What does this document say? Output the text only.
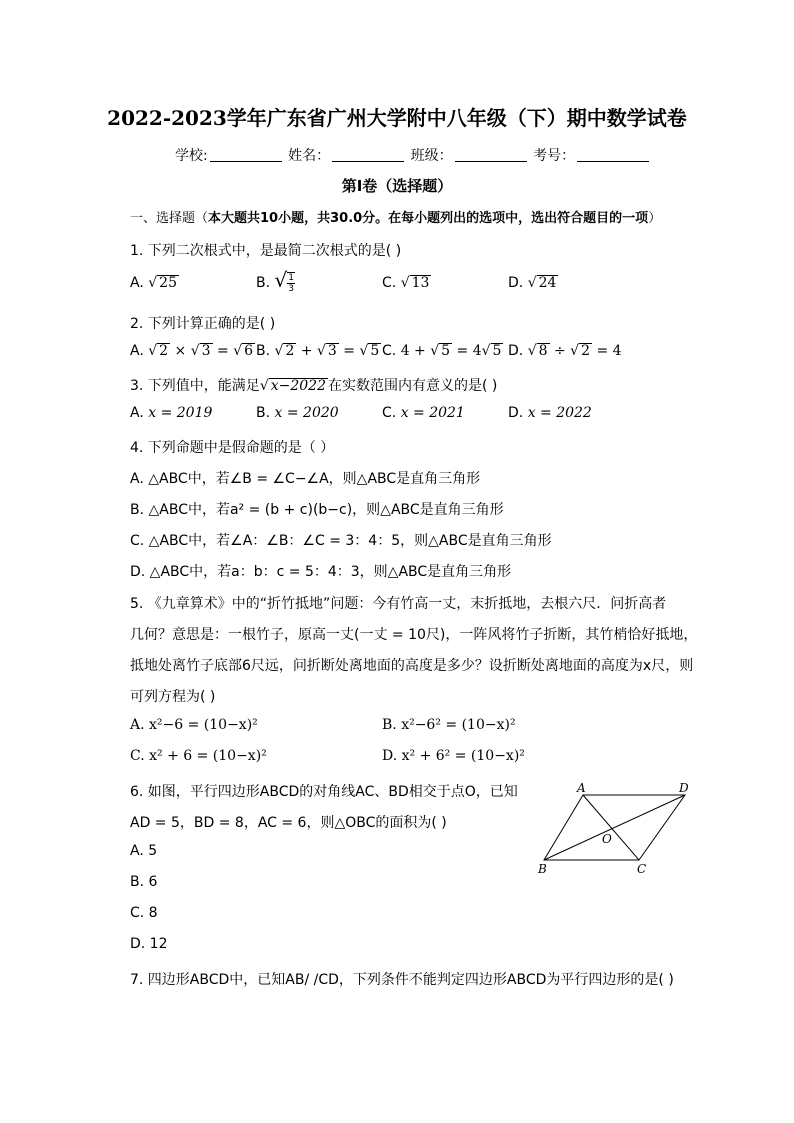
2022-2023学年广东省广州大学附中八年级（下）期中数学试卷
学校:	姓名：	班级：	考号：
第I卷（选择题）
一、选择题（本大题共10小题，共30.0分。在每小题列出的选项中，选出符合题目的一项）
1. 下列二次根式中，是最简二次根式的是( )
A. √ 25	B. √ $\frac{1}{3}$	C. √ 13	D. √ 24
2. 下列计算正确的是( )
A. √ 2 × √ 3 = √ 6 B. √ 2 + √ 3 = √ 5 C. 4 + √ 5 = 4√ 5 D. √ 8 ÷ √ 2 = 4
3. 下列值中，能满足√ x−2022 在实数范围内有意义的是( )
A. x = 2019	B. x = 2020	C. x = 2021	D. x = 2022
4. 下列命题中是假命题的是（ ）
A. △ABC中，若∠B = ∠C−∠A，则△ABC是直角三角形
B. △ABC中，若a² = (b + c)(b−c)，则△ABC是直角三角形
C. △ABC中，若∠A：∠B：∠C = 3：4：5，则△ABC是直角三角形
D. △ABC中，若a：b：c = 5：4：3，则△ABC是直角三角形
5. 《九章算术》中的“折竹抵地”问题：今有竹高一丈，末折抵地，去根六尺．问折高者
几何？意思是：一根竹子，原高一丈(一丈 = 10尺)，一阵风将竹子折断，其竹梢恰好抵地，
抵地处离竹子底部6尺远，问折断处离地面的高度是多少？设折断处离地面的高度为x尺，则
可列方程为( )
A. x²−6 = (10−x)²	B. x²−6² = (10−x)²
C. x² + 6 = (10−x)²	D. x² + 6² = (10−x)²
6. 如图，平行四边形ABCD的对角线AC、BD相交于点O，已知
AD = 5，BD = 8，AC = 6，则△OBC的面积为( )
A. 5
B. 6
C. 8
D. 12
A	D
B	C
O
7. 四边形ABCD中，已知AB/ /CD，下列条件不能判定四边形ABCD为平行四边形的是( )
